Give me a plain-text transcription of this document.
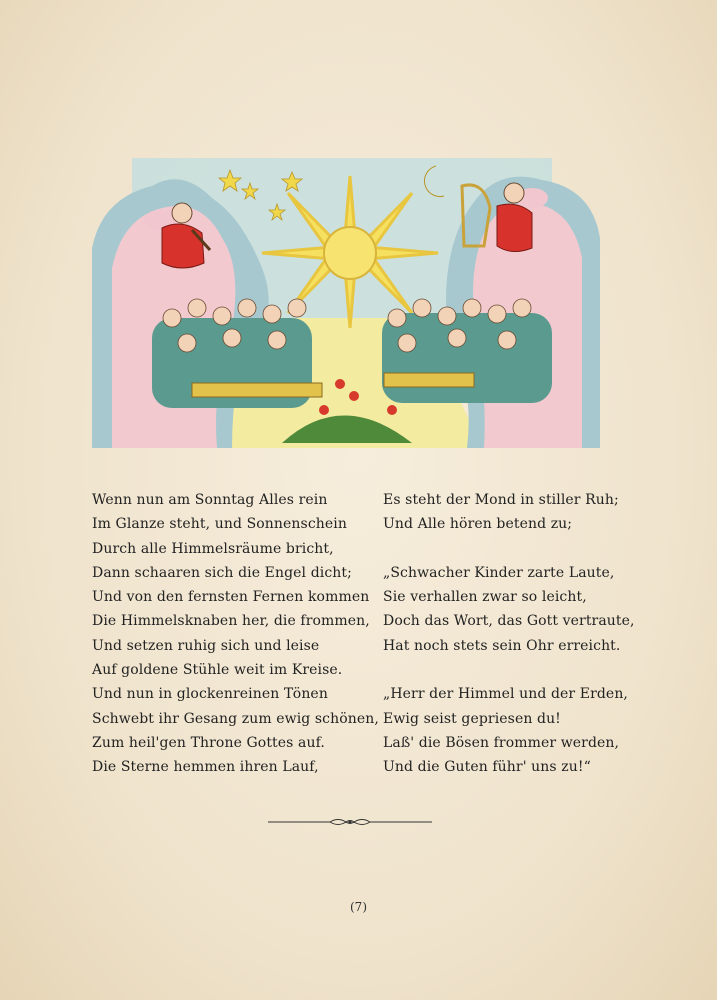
Wenn nun am Sonntag Alles rein
Im Glanze steht, und Sonnenschein
Durch alle Himmelsräume bricht,
Dann schaaren sich die Engel dicht;
Und von den fernsten Fernen kommen
Die Himmelsknaben her, die frommen,
Und setzen ruhig sich und leise
Auf goldene Stühle weit im Kreise.
Und nun in glockenreinen Tönen
Schwebt ihr Gesang zum ewig schönen,
Zum heil'gen Throne Gottes auf.
Die Sterne hemmen ihren Lauf,
Es steht der Mond in stiller Ruh;
Und Alle hören betend zu;
„Schwacher Kinder zarte Laute,
Sie verhallen zwar so leicht,
Doch das Wort, das Gott vertraute,
Hat noch stets sein Ohr erreicht.
„Herr der Himmel und der Erden,
Ewig seist gepriesen du!
Laß' die Bösen frommer werden,
Und die Guten führ' uns zu!“
(7)
